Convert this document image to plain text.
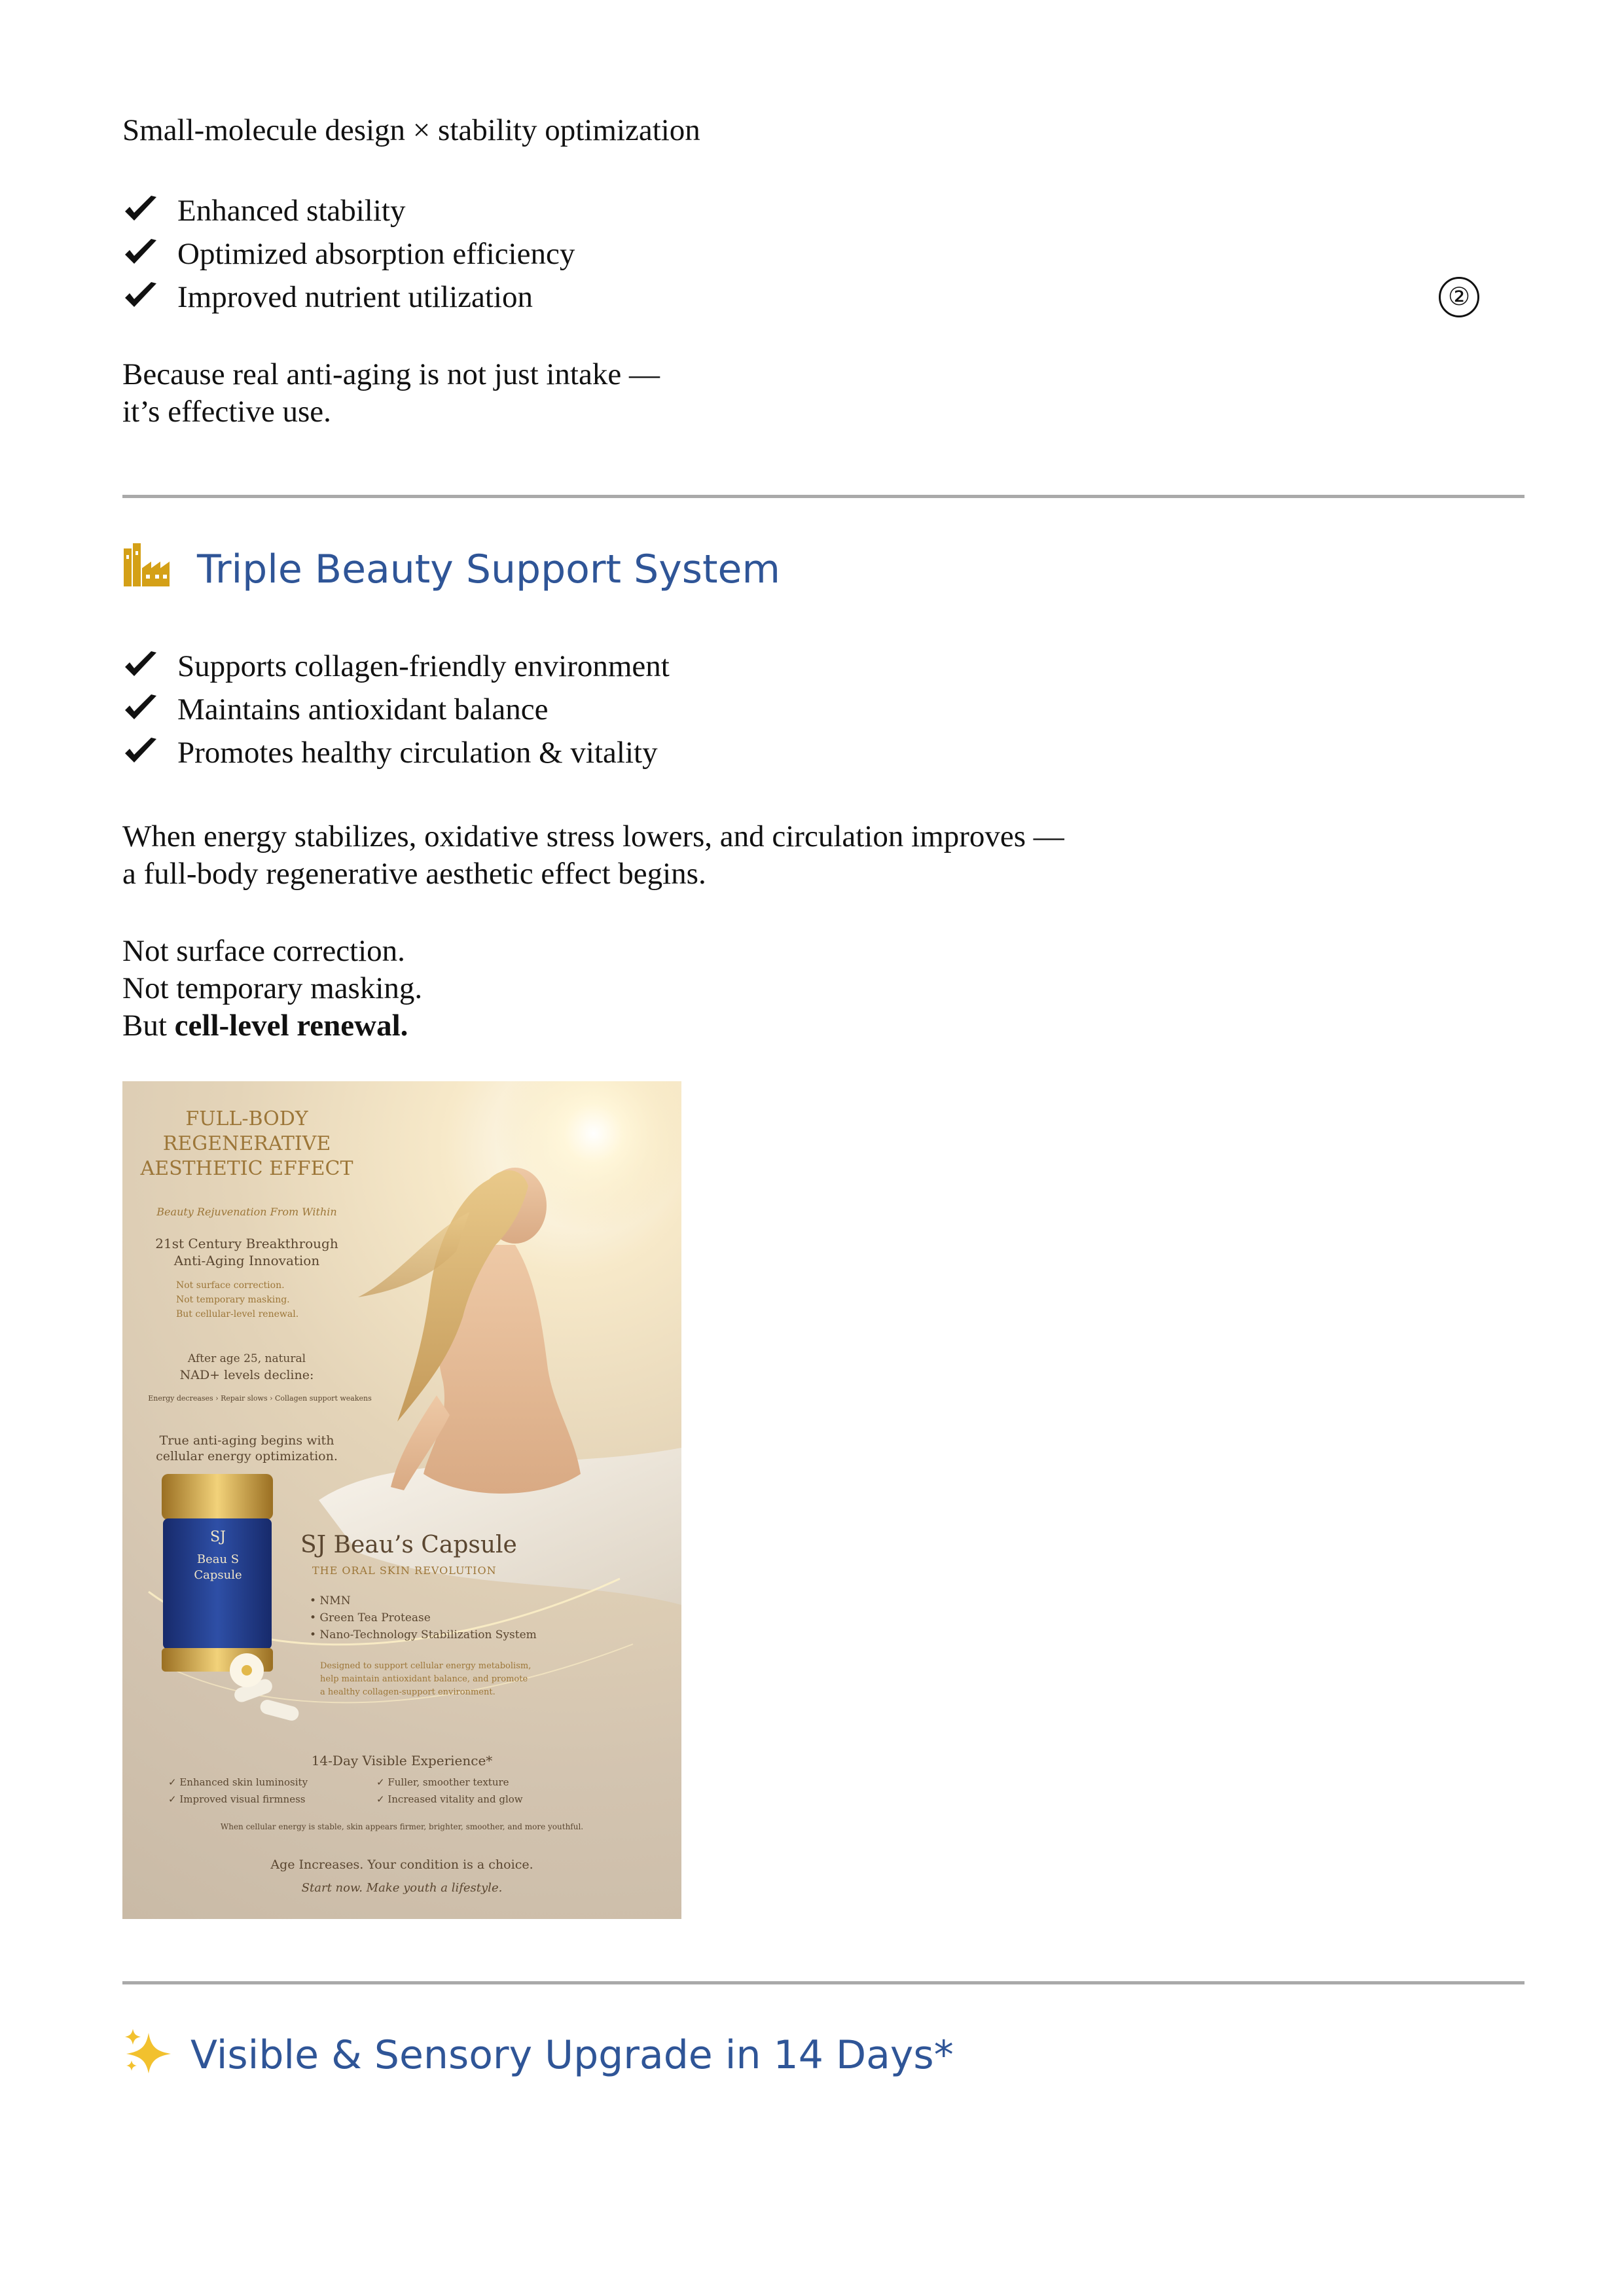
Small-molecule design × stability optimization
Enhanced stability
Optimized absorption efficiency
Improved nutrient utilization	②
Because real anti-aging is not just intake —
it’s effective use.
Triple Beauty Support System
Supports collagen-friendly environment
Maintains antioxidant balance
Promotes healthy circulation & vitality
When energy stabilizes, oxidative stress lowers, and circulation improves —
a full-body regenerative aesthetic effect begins.
Not surface correction.
Not temporary masking.
But cell-level renewal.
FULL-BODY
REGENERATIVE
AESTHETIC EFFECT
Beauty Rejuvenation From Within
21st Century Breakthrough
Anti-Aging Innovation
Not surface correction.
Not temporary masking.
But cellular-level renewal.
After age 25, natural
NAD+ levels decline:
Energy decreases › Repair slows › Collagen support weakens
True anti-aging begins with
cellular energy optimization.
SJ
Beau S
Capsule
SJ Beau’s Capsule
THE ORAL SKIN REVOLUTION
• NMN
• Green Tea Protease
• Nano-Technology Stabilization System
Designed to support cellular energy metabolism,
help maintain antioxidant balance, and promote
a healthy collagen-support environment.
14-Day Visible Experience*
✓ Enhanced skin luminosity	✓ Fuller, smoother texture
✓ Improved visual firmness	✓ Increased vitality and glow
When cellular energy is stable, skin appears firmer, brighter, smoother, and more youthful.
Age Increases. Your condition is a choice.
Start now. Make youth a lifestyle.
Visible & Sensory Upgrade in 14 Days*
